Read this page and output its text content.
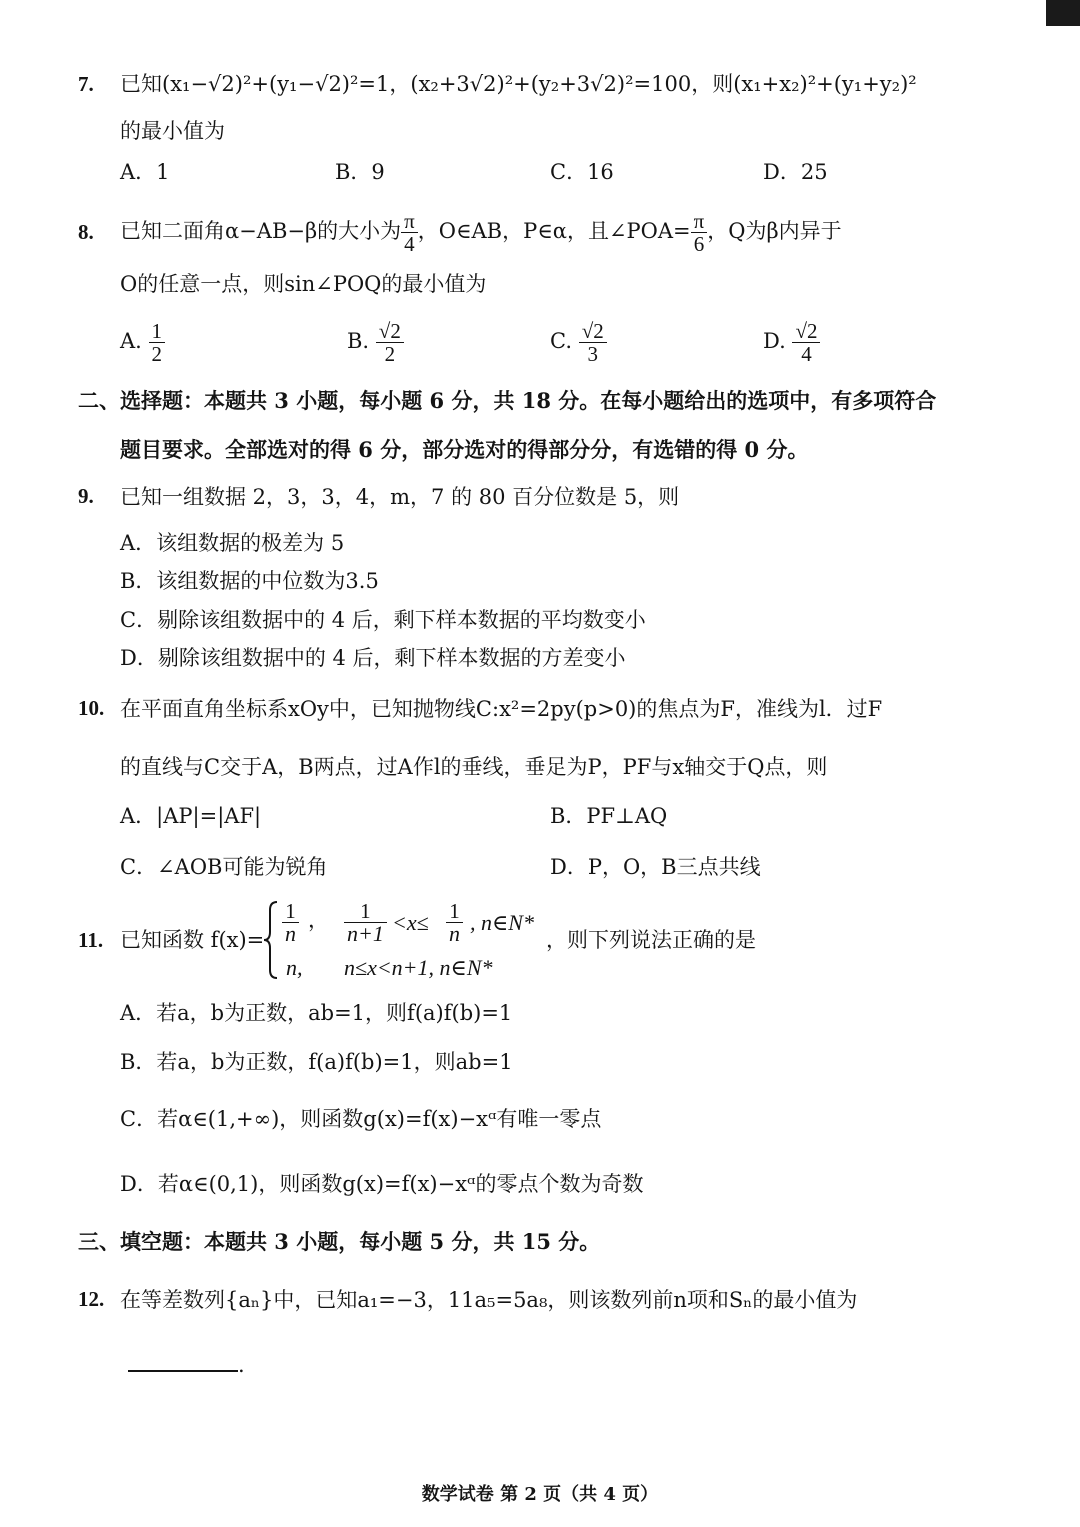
7. 已知(x₁−√2)²+(y₁−√2)²=1，(x₂+3√2)²+(y₂+3√2)²=100，则(x₁+x₂)²+(y₁+y₂)²
的最小值为
A．1	B．9	C．16	D．25
8. 已知二面角α−AB−β的大小为 $\frac{\pi}{4}$ ，O∈AB，P∈α，且∠POA= $\frac{\pi}{6}$ ，Q为β内异于
O的任意一点，则sin∠POQ的最小值为
A. $\frac{1}{2}$	B. $\frac{√2}{2}$	C. $\frac{√2}{3}$	D. $\frac{√2}{4}$
二、选择题：本题共 3 小题，每小题 6 分，共 18 分。在每小题给出的选项中，有多项符合
题目要求。全部选对的得 6 分，部分选对的得部分分，有选错的得 0 分。
9. 已知一组数据 2，3，3，4，m，7 的 80 百分位数是 5，则
A．该组数据的极差为 5
B．该组数据的中位数为3.5
C．剔除该组数据中的 4 后，剩下样本数据的平均数变小
D．剔除该组数据中的 4 后，剩下样本数据的方差变小
10. 在平面直角坐标系xOy中，已知抛物线C:x²=2py(p>0)的焦点为F，准线为l．过F
的直线与C交于A，B两点，过A作l的垂线，垂足为P，PF与x轴交于Q点，则
A．|AP|=|AF|	B．PF⊥AQ
C．∠AOB可能为锐角	D．P，O，B三点共线
11. 已知函数 $f(x)= \frac{1}{n}$ ， $\frac{1}{n+1} <x\le \frac{1}{n}$ , n∈N*
n, n≤x<n+1, n∈N*
，则下列说法正确的是
A．若a，b为正数，ab=1，则f(a)f(b)=1
B．若a，b为正数，f(a)f(b)=1，则ab=1
C．若α∈(1,+∞)，则函数g(x)=f(x)−xᵅ有唯一零点
D．若α∈(0,1)，则函数g(x)=f(x)−xᵅ的零点个数为奇数
三、填空题：本题共 3 小题，每小题 5 分，共 15 分。
12. 在等差数列{aₙ}中，已知a₁=−3，11a₅=5a₈，则该数列前n项和Sₙ的最小值为
.
数学试卷 第 2 页（共 4 页）
